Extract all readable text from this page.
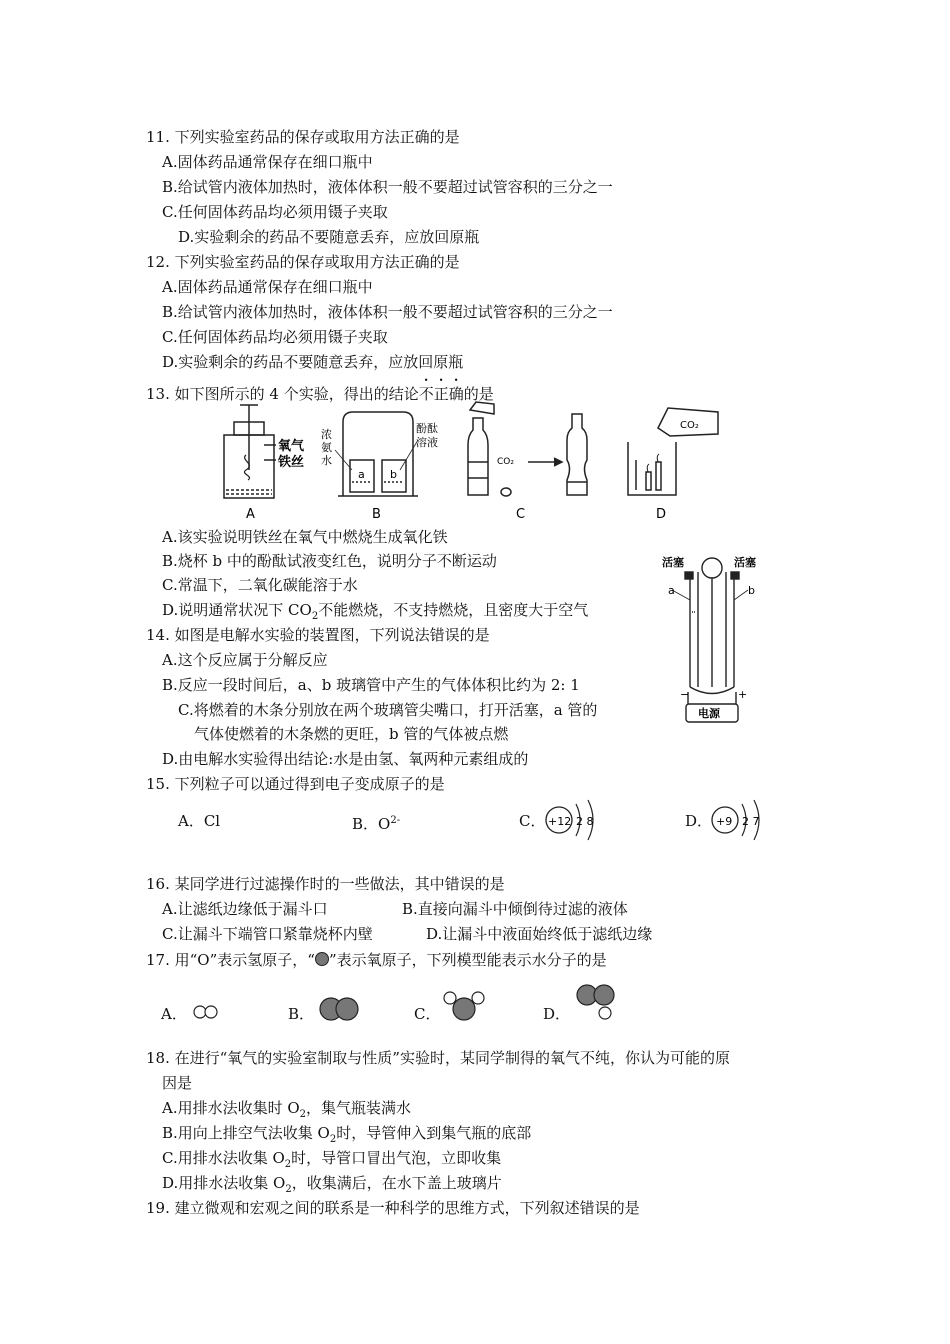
11. 下列实验室药品的保存或取用方法正确的是
A.固体药品通常保存在细口瓶中
B.给试管内液体加热时，液体体积一般不要超过试管容积的三分之一
C.任何固体药品均必须用镊子夹取
D.实验剩余的药品不要随意丢弃，应放回原瓶
12. 下列实验室药品的保存或取用方法正确的是
A.固体药品通常保存在细口瓶中
B.给试管内液体加热时，液体体积一般不要超过试管容积的三分之一
C.任何固体药品均必须用镊子夹取
D.实验剩余的药品不要随意丢弃，应放回原瓶
13. 如下图所示的 4 个实验，得出的结论不正确的是
氧气
铁丝
A
浓
氨
水
酚酞
溶液
a b
B
CO₂
C
CO₂
D
A.该实验说明铁丝在氧气中燃烧生成氧化铁
B.烧杯 b 中的酚酞试液变红色，说明分子不断运动
C.常温下，二氧化碳能溶于水
D.说明通常状况下 $CO_2$不能燃烧，不支持燃烧，且密度大于空气
活塞	活塞
a	b
−	+
电源
14. 如图是电解水实验的装置图，下列说法错误的是
A.这个反应属于分解反应
B.反应一段时间后，a、b 玻璃管中产生的气体体积比约为 2: 1
C.将燃着的木条分别放在两个玻璃管尖嘴口，打开活塞，a 管的
气体使燃着的木条燃的更旺，b 管的气体被点燃
D.由电解水实验得出结论:水是由氢、氧两种元素组成的
15. 下列粒子可以通过得到电子变成原子的是
A．Cl	B．$O^{2-}$	C．	D．
+12 2 8	+9 2 7
16. 某同学进行过滤操作时的一些做法，其中错误的是
A.让滤纸边缘低于漏斗口	B.直接向漏斗中倾倒待过滤的液体
C.让漏斗下端管口紧靠烧杯内壁	D.让漏斗中液面始终低于滤纸边缘
17. 用“O”表示氢原子，“ ”表示氧原子，下列模型能表示水分子的是
A．	B．	C．	D．
18. 在进行“氧气的实验室制取与性质”实验时，某同学制得的氧气不纯，你认为可能的原
因是
A.用排水法收集时 $O_2$，集气瓶装满水
B.用向上排空气法收集 $O_2$时，导管伸入到集气瓶的底部
C.用排水法收集 $O_2$时，导管口冒出气泡，立即收集
D.用排水法收集 $O_2$，收集满后，在水下盖上玻璃片
19. 建立微观和宏观之间的联系是一种科学的思维方式，下列叙述错误的是
